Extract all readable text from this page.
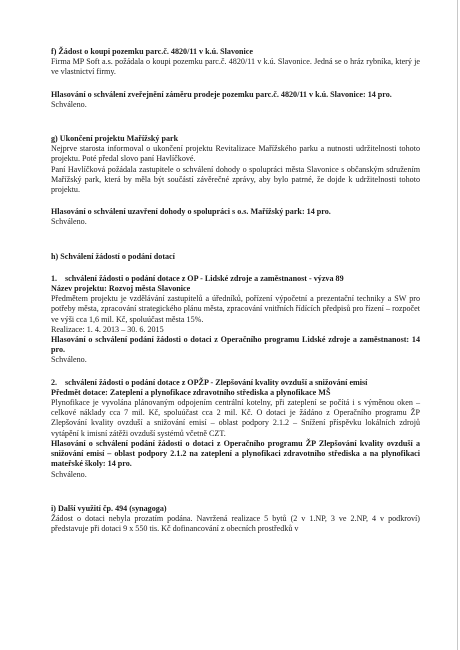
f) Žádost o koupi pozemku parc.č. 4820/11 v k.ú. Slavonice

Firma MP Soft a.s. požádala o koupi pozemku parc.č. 4820/11 v k.ú. Slavonice. Jedná se o hráz rybníka, který je ve vlastnictví firmy.

Hlasování o schválení zveřejnění záměru prodeje pozemku parc.č. 4820/11 v k.ú. Slavonice: 14 pro.

Schváleno.
g) Ukončení projektu Mařížský park

Nejprve starosta informoval o ukončení projektu Revitalizace Mařížského parku a nutnosti udržitelnosti tohoto projektu. Poté předal slovo paní Havlíčkové.

Paní Havlíčková požádala zastupitele o schválení dohody o spolupráci města Slavonice s občanským sdružením Mařížský park, která by měla být součástí závěrečné zprávy, aby bylo patrné, že dojde k udržitelnosti tohoto projektu.

Hlasování o schválení uzavření dohody o spolupráci s o.s. Mařížský park: 14 pro.

Schváleno.
h) Schválení žádostí o podání dotací
1. schválení žádosti o podání dotace z OP - Lidské zdroje a zaměstnanost - výzva 89
Název projektu: Rozvoj města Slavonice

Předmětem projektu je vzdělávání zastupitelů a úředníků, pořízení výpočetní a prezentační techniky a SW pro potřeby města, zpracování strategického plánu města, zpracování vnitřních řídících předpisů pro řízení – rozpočet ve výši cca 1,6 mil. Kč, spoluúčast města 15%.

Realizace: 1. 4. 2013 – 30. 6. 2015

Hlasování o schválení podání žádosti o dotaci z Operačního programu Lidské zdroje a zaměstnanost: 14 pro.

Schváleno.
2. schválení žádosti o podání dotace z OPŽP - Zlepšování kvality ovzduší a snižování emisí
Předmět dotace: Zateplení a plynofikace zdravotního střediska a plynofikace MŠ

Plynofikace je vyvolána plánovaným odpojením centrální kotelny, při zateplení se počítá i s výměnou oken – celkové náklady cca 7 mil. Kč, spoluúčast cca 2 mil. Kč. O dotaci je žádáno z Operačního programu ŽP Zlepšování kvality ovzduší a snižování emisí – oblast podpory 2.1.2 – Snížení příspěvku lokálních zdrojů vytápění k imisní zátěži ovzduší systémů včetně CZT.

Hlasování o schválení podání žádosti o dotaci z Operačního programu ŽP Zlepšování kvality ovzduší a snižování emisí – oblast podpory 2.1.2 na zateplení a plynofikaci zdravotního střediska a na plynofikaci mateřské školy: 14 pro.

Schváleno.
i) Další využití čp. 494 (synagoga)

Žádost o dotaci nebyla prozatím podána. Navržená realizace 5 bytů (2 v 1.NP, 3 ve 2.NP, 4 v podkroví) představuje při dotaci 9 x 550 tis. Kč dofinancování z obecních prostředků v
